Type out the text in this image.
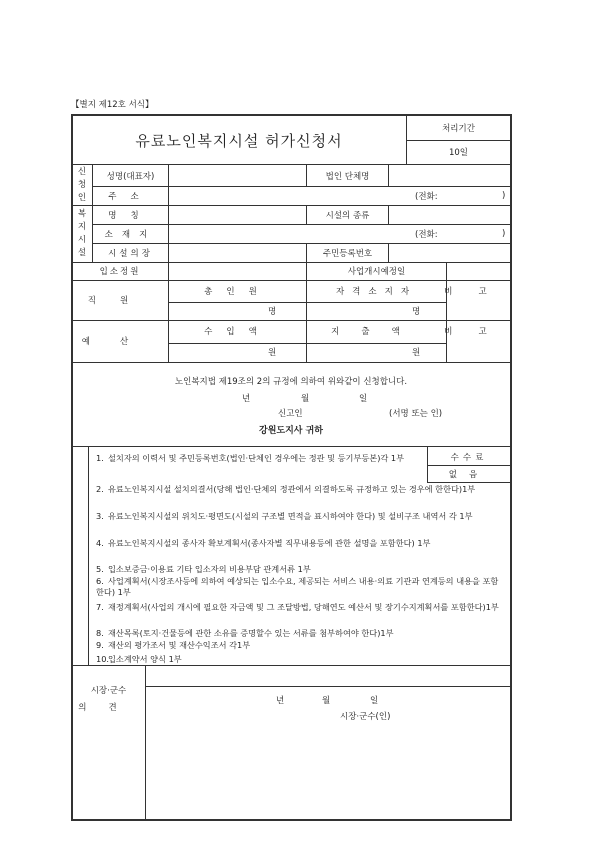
【별지 제12호 서식】
유료노인복지시설 허가신청서
처리기간
10일
신
청
인
성명(대표자)	법인 단체명
주소	(전화:	)
복
지
시
설
명칭	시설의 종류
소재지	(전화:	)
시설의장	주민등록번호
입소정원	사업개시예정일
직원
총인원	자격소지자	비고
명	명
예산
수입액	지출액	비고
원	원
노인복지법 제19조의 2의 규정에 의하여 위와같이 신청합니다.
년	월	일
신고인	(서명 또는 인)
강원도지사 귀하
수수료
없음
1. 설치자의 이력서 및 주민등록번호(법인·단체인 경우에는 정관 및 등기부등본)각 1부
2. 유료노인복지시설 설치의결서(당해 법인·단체의 정관에서 의결하도록 규정하고 있는 경우에 한한다)1부
3. 유료노인복지시설의 위치도·평면도(시설의 구조별 면적을 표시하여야 한다) 및 설비구조 내역서 각 1부
4. 유료노인복지시설의 종사자 확보계획서(종사자별 직무내용등에 관한 설명을 포함한다) 1부
5. 입소보증금·이용료 기타 입소자의 비용부담 관계서류 1부
6. 사업계획서(시장조사등에 의하여 예상되는 입소수요, 제공되는 서비스 내용·의료 기관과 연계등의 내용을 포함한다) 1부
7. 재정계획서(사업의 개시에 필요한 자금액 및 그 조달방법, 당해연도 예산서 및 장기수지계획서를 포함한다)1부
8. 재산목록(토지·건물등에 관한 소유를 증명할수 있는 서류를 첨부하여야 한다)1부
9. 재산의 평가조서 및 재산수익조서 각1부
10.입소계약서 양식 1부
시장·군수
의견
년	월	일
시장·군수(인)
